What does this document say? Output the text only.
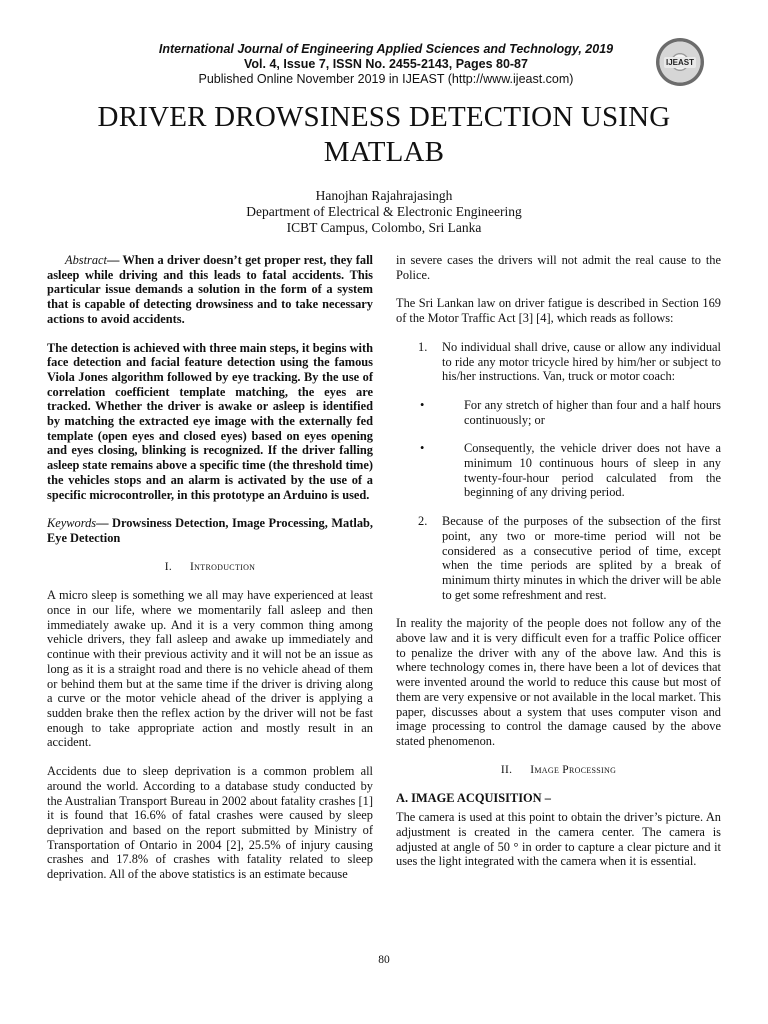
International Journal of Engineering Applied Sciences and Technology, 2019
Vol. 4, Issue 7, ISSN No. 2455-2143, Pages 80-87
Published Online November 2019 in IJEAST (http://www.ijeast.com)
IJEAST
DRIVER DROWSINESS DETECTION USING MATLAB
Hanojhan Rajahrajasingh
Department of Electrical & Electronic Engineering
ICBT Campus, Colombo, Sri Lanka

Abstract— When a driver doesn’t get proper rest, they fall asleep while driving and this leads to fatal accidents. This particular issue demands a solution in the form of a system that is capable of detecting drowsiness and to take necessary actions to avoid accidents.

The detection is achieved with three main steps, it begins with face detection and facial feature detection using the famous Viola Jones algorithm followed by eye tracking. By the use of correlation coefficient template matching, the eyes are tracked. Whether the driver is awake or asleep is identified by matching the extracted eye image with the externally fed template (open eyes and closed eyes) based on eyes opening and eyes closing, blinking is recognized. If the driver falling asleep state remains above a specific time (the threshold time) the vehicles stops and an alarm is activated by the use of a specific microcontroller, in this prototype an Arduino is used.

Keywords— Drowsiness Detection, Image Processing, Matlab, Eye Detection

I. Introduction

A micro sleep is something we all may have experienced at least once in our life, where we momentarily fall asleep and then immediately awake up. And it is a very common thing among vehicle drivers, they fall asleep and awake up immediately and continue with their previous activity and it will not be an issue as long as it is a straight road and there is no vehicle ahead of them or behind them but at the same time if the driver is driving along a curve or the motor vehicle ahead of the driver is applying a sudden brake then the reflex action by the driver will not be fast enough to take appropriate action and mostly result in an accident.

Accidents due to sleep deprivation is a common problem all around the world. According to a database study conducted by the Australian Transport Bureau in 2002 about fatality crashes [1] it is found that 16.6% of fatal crashes were caused by sleep deprivation and based on the report submitted by Ministry of Transportation of Ontario in 2004 [2], 25.5% of injury causing crashes and 17.8% of crashes with fatality related to sleep deprivation. All of the above statistics is an estimate because

in severe cases the drivers will not admit the real cause to the Police.

The Sri Lankan law on driver fatigue is described in Section 169 of the Motor Traffic Act [3] [4], which reads as follows:

1. No individual shall drive, cause or allow any individual to ride any motor tricycle hired by him/her or subject to his/her instructions. Van, truck or motor coach:
•	For any stretch of higher than four and a half hours continuously; or
•	Consequently, the vehicle driver does not have a minimum 10 continuous hours of sleep in any twenty-four-hour period calculated from the beginning of any driving period.
2. Because of the purposes of the subsection of the first point, any two or more-time period will not be considered as a consecutive period of time, except when the time periods are splited by a break of minimum thirty minutes in which the driver will be able to get some refreshment and rest.

In reality the majority of the people does not follow any of the above law and it is very difficult even for a traffic Police officer to penalize the driver with any of the above law. And this is where technology comes in, there have been a lot of devices that were invented around the world to reduce this cause but most of them are very expensive or not available in the local market. This paper, discusses about a system that uses computer vison and image processing to control the damage caused by the above stated phenomenon.

II. Image Processing
A. IMAGE ACQUISITION –

The camera is used at this point to obtain the driver’s picture. An adjustment is created in the camera center. The camera is adjusted at angle of 50 ° in order to capture a clear picture and it uses the light integrated with the camera when it is essential.

80
